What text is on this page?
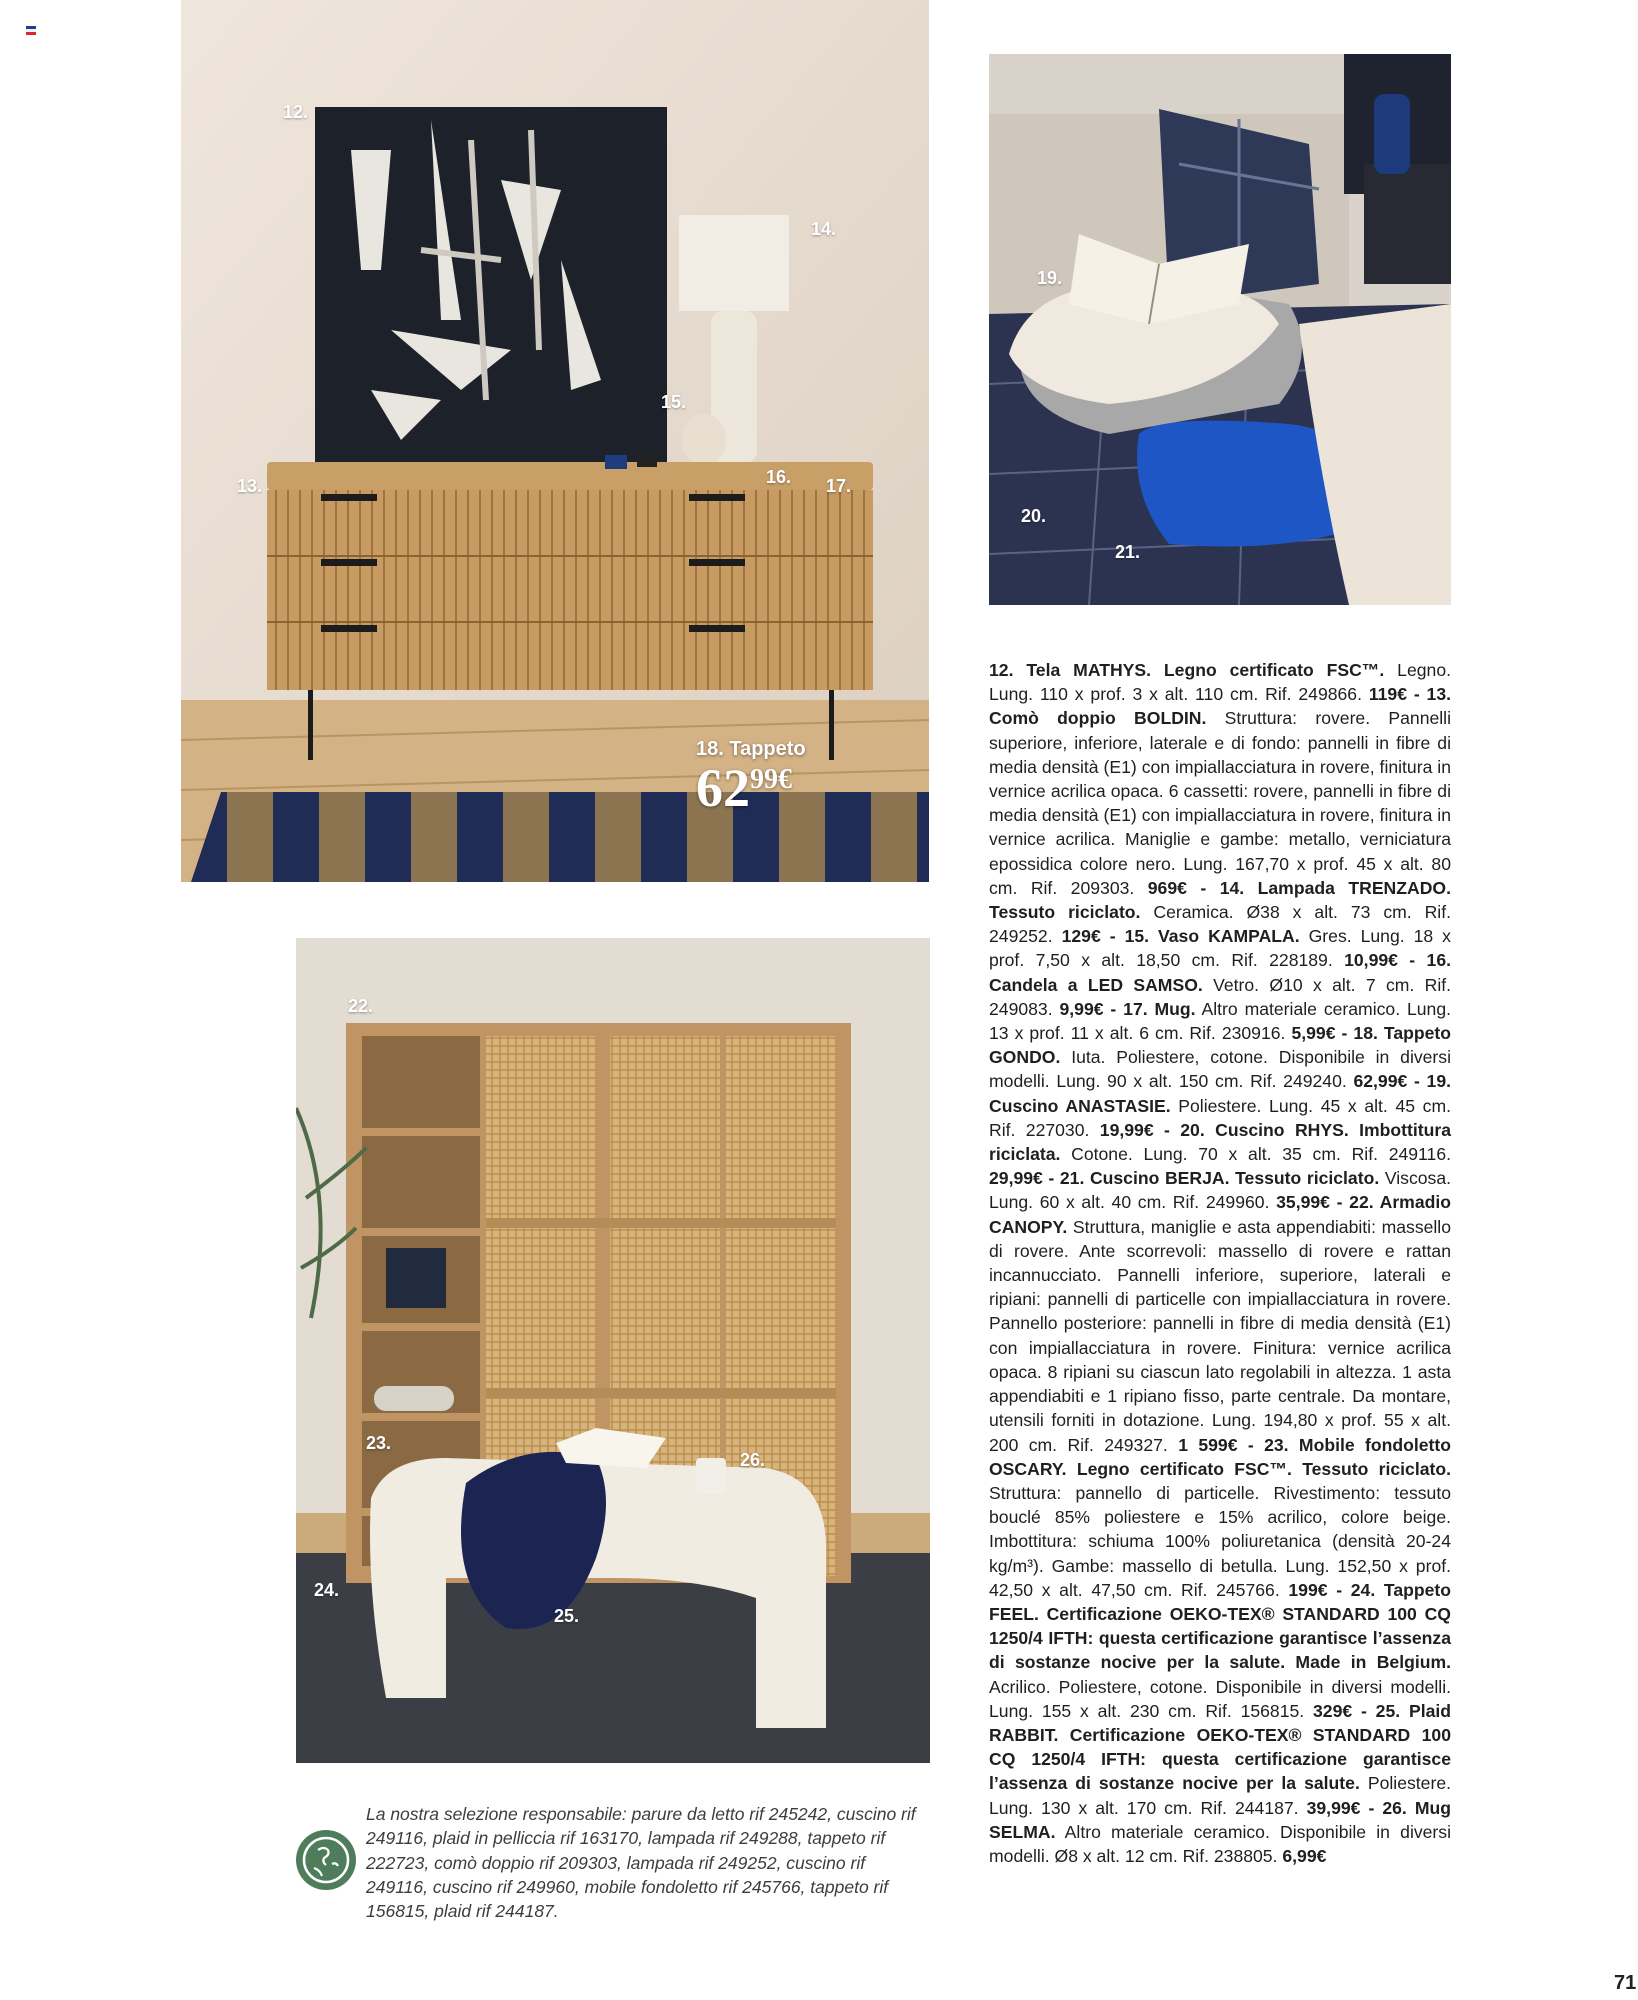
12.
13.
14.
15.
16. 17.
18. Tappeto
6299€
19.
20.
21.
22.
23.
24.
25.
26.
12. Tela MATHYS. Legno certificato FSC™. Legno. Lung. 110 x prof. 3 x alt. 110 cm. Rif. 249866. 119€ - 13. Comò doppio BOLDIN. Struttura: rovere. Pannelli superiore, inferiore, laterale e di fondo: pannelli in fibre di media densità (E1) con impiallacciatura in rovere, finitura in vernice acrilica opaca. 6 cassetti: rovere, pannelli in fibre di media densità (E1) con impiallacciatura in rovere, finitura in vernice acrilica. Maniglie e gambe: metallo, verniciatura epossidica colore nero. Lung. 167,70 x prof. 45 x alt. 80 cm. Rif. 209303. 969€ - 14. Lampada TRENZADO. Tessuto riciclato. Ceramica. Ø38 x alt. 73 cm. Rif. 249252. 129€ - 15. Vaso KAMPALA. Gres. Lung. 18 x prof. 7,50 x alt. 18,50 cm. Rif. 228189. 10,99€ - 16. Candela a LED SAMSO. Vetro. Ø10 x alt. 7 cm. Rif. 249083. 9,99€ - 17. Mug. Altro materiale ceramico. Lung. 13 x prof. 11 x alt. 6 cm. Rif. 230916. 5,99€ - 18. Tappeto GONDO. Iuta. Poliestere, cotone. Disponibile in diversi modelli. Lung. 90 x alt. 150 cm. Rif. 249240. 62,99€ - 19. Cuscino ANASTASIE. Poliestere. Lung. 45 x alt. 45 cm. Rif. 227030. 19,99€ - 20. Cuscino RHYS. Imbottitura riciclata. Cotone. Lung. 70 x alt. 35 cm. Rif. 249116. 29,99€ - 21. Cuscino BERJA. Tessuto riciclato. Viscosa. Lung. 60 x alt. 40 cm. Rif. 249960. 35,99€ - 22. Armadio CANOPY. Struttura, maniglie e asta appendiabiti: massello di rovere. Ante scorrevoli: massello di rovere e rattan incannucciato. Pannelli inferiore, superiore, laterali e ripiani: pannelli di particelle con impiallacciatura in rovere. Pannello posteriore: pannelli in fibre di media densità (E1) con impiallacciatura in rovere. Finitura: vernice acrilica opaca. 8 ripiani su ciascun lato regolabili in altezza. 1 asta appendiabiti e 1 ripiano fisso, parte centrale. Da montare, utensili forniti in dotazione. Lung. 194,80 x prof. 55 x alt. 200 cm. Rif. 249327. 1 599€ - 23. Mobile fondoletto OSCARY. Legno certificato FSC™. Tessuto riciclato. Struttura: pannello di particelle. Rivestimento: tessuto bouclé 85% poliestere e 15% acrilico, colore beige. Imbottitura: schiuma 100% poliuretanica (densità 20-24 kg/m³). Gambe: massello di betulla. Lung. 152,50 x prof. 42,50 x alt. 47,50 cm. Rif. 245766. 199€ - 24. Tappeto FEEL. Certificazione OEKO-TEX® STANDARD 100 CQ 1250/4 IFTH: questa certificazione garantisce l’assenza di sostanze nocive per la salute. Made in Belgium. Acrilico. Poliestere, cotone. Disponibile in diversi modelli. Lung. 155 x alt. 230 cm. Rif. 156815. 329€ - 25. Plaid RABBIT. Certificazione OEKO-TEX® STANDARD 100 CQ 1250/4 IFTH: questa certificazione garantisce l’assenza di sostanze nocive per la salute. Poliestere. Lung. 130 x alt. 170 cm. Rif. 244187. 39,99€ - 26. Mug SELMA. Altro materiale ceramico. Disponibile in diversi modelli. Ø8 x alt. 12 cm. Rif. 238805. 6,99€
La nostra selezione responsabile: parure da letto rif 245242, cuscino rif 249116, plaid in pelliccia rif 163170, lampada rif 249288, tappeto rif 222723, comò doppio rif 209303, lampada rif 249252, cuscino rif 249116, cuscino rif 249960, mobile fondoletto rif 245766, tappeto rif 156815, plaid rif 244187.
71
